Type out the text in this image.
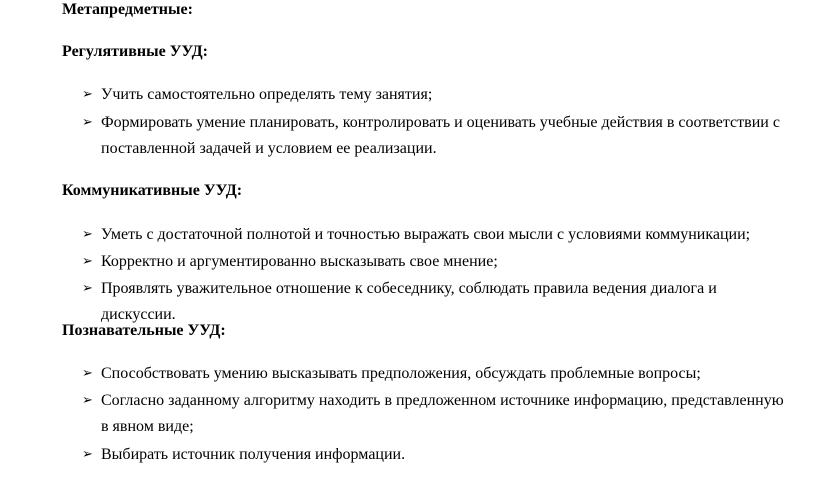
Метапредметные:
Регулятивные УУД:
➢ Учить самостоятельно определять тему занятия;
➢ Формировать умение планировать, контролировать и оценивать учебные действия в соответствии с поставленной задачей и условием ее реализации.
Коммуникативные УУД:
➢ Уметь с достаточной полнотой и точностью выражать свои мысли с условиями коммуникации;
➢ Корректно и аргументированно высказывать свое мнение;
➢ Проявлять уважительное отношение к собеседнику, соблюдать правила ведения диалога и дискуссии.
Познавательные УУД:
➢ Способствовать умению высказывать предположения, обсуждать проблемные вопросы;
➢ Согласно заданному алгоритму находить в предложенном источнике информацию, представленную в явном виде;
➢ Выбирать источник получения информации.
